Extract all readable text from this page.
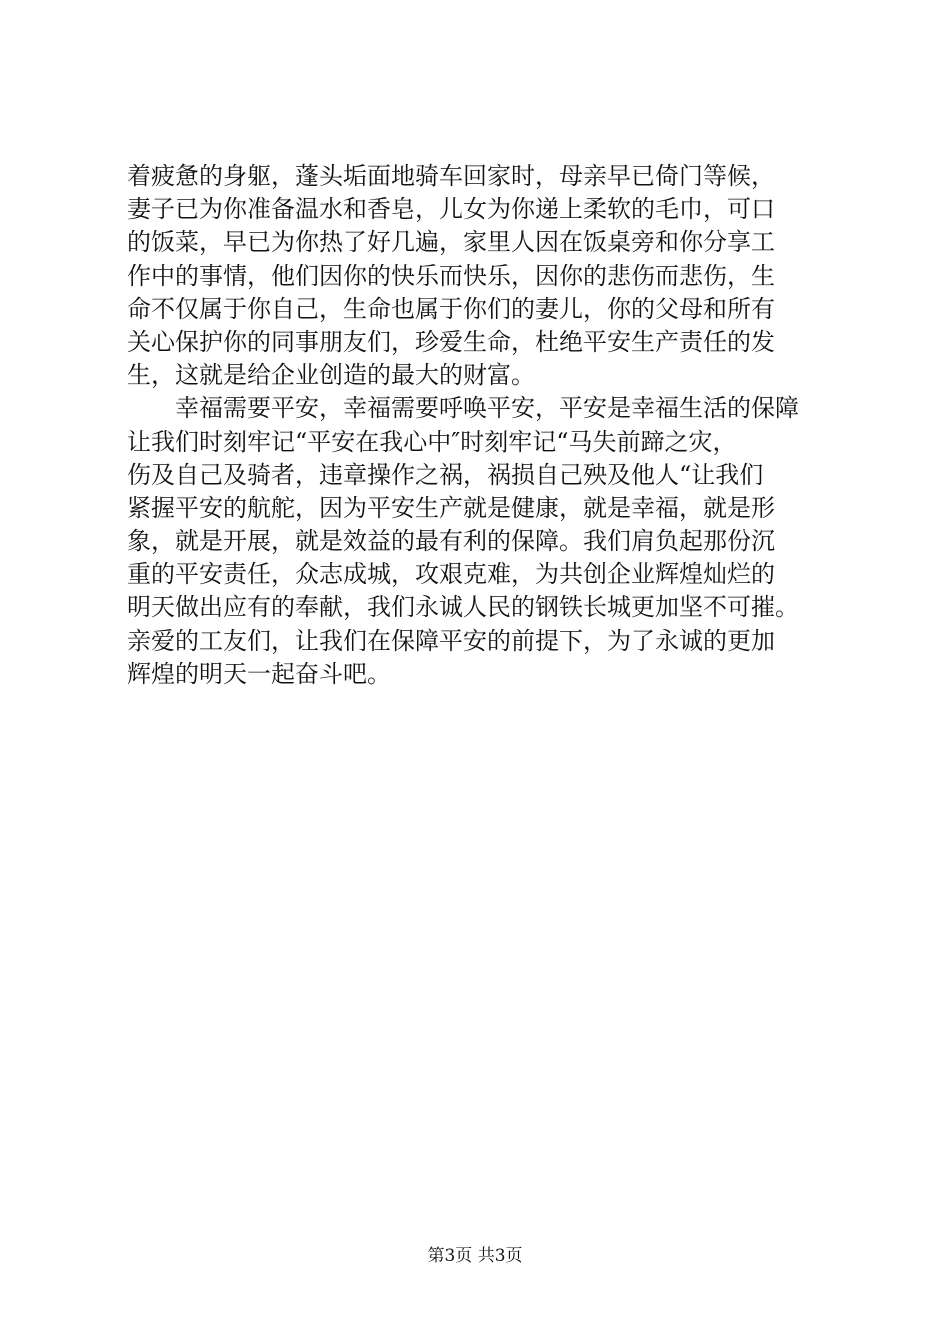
着疲惫的身躯，蓬头垢面地骑车回家时，母亲早已倚门等候，
妻子已为你准备温水和香皂，儿女为你递上柔软的毛巾，可口
的饭菜，早已为你热了好几遍，家里人因在饭桌旁和你分享工
作中的事情，他们因你的快乐而快乐，因你的悲伤而悲伤，生
命不仅属于你自己，生命也属于你们的妻儿，你的父母和所有
关心保护你的同事朋友们，珍爱生命，杜绝平安生产责任的发
生，这就是给企业创造的最大的财富。
幸福需要平安，幸福需要呼唤平安，平安是幸福生活的保障
让我们时刻牢记“平安在我心中″时刻牢记“马失前蹄之灾，
伤及自己及骑者，违章操作之祸，祸损自己殃及他人“让我们
紧握平安的航舵，因为平安生产就是健康，就是幸福，就是形
象，就是开展，就是效益的最有利的保障。我们肩负起那份沉
重的平安责任，众志成城，攻艰克难，为共创企业辉煌灿烂的
明天做出应有的奉献，我们永诚人民的钢铁长城更加坚不可摧。
亲爱的工友们，让我们在保障平安的前提下，为了永诚的更加
辉煌的明天一起奋斗吧。
第3页 共3页
